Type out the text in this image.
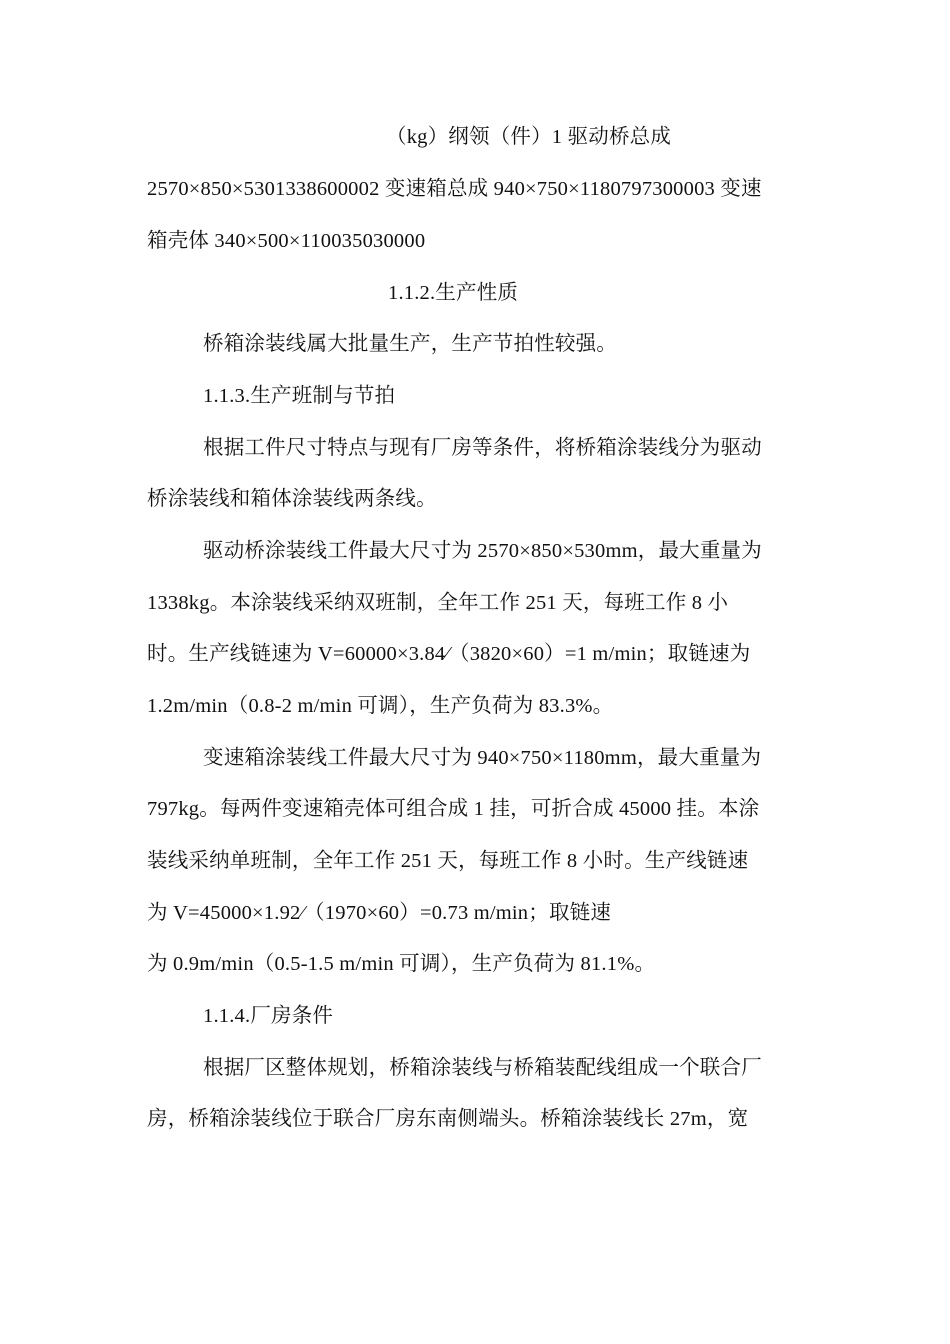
（kg）纲领（件）1 驱动桥总成
2570×850×5301338600002 变速箱总成 940×750×1180797300003 变速
箱壳体 340×500×110035030000
1.1.2.生产性质
桥箱涂装线属大批量生产，生产节拍性较强。
1.1.3.生产班制与节拍
根据工件尺寸特点与现有厂房等条件，将桥箱涂装线分为驱动
桥涂装线和箱体涂装线两条线。
驱动桥涂装线工件最大尺寸为 2570×850×530mm，最大重量为
1338kg。本涂装线采纳双班制，全年工作 251 天，每班工作 8 小
时。生产线链速为 V=60000×3.84⁄（3820×60）=1 m/min；取链速为
1.2m/min（0.8-2 m/min 可调），生产负荷为 83.3%。
变速箱涂装线工件最大尺寸为 940×750×1180mm，最大重量为
797kg。每两件变速箱壳体可组合成 1 挂，可折合成 45000 挂。本涂
装线采纳单班制，全年工作 251 天，每班工作 8 小时。生产线链速
为 V=45000×1.92⁄（1970×60）=0.73 m/min；取链速
为 0.9m/min（0.5-1.5 m/min 可调），生产负荷为 81.1%。
1.1.4.厂房条件
根据厂区整体规划，桥箱涂装线与桥箱装配线组成一个联合厂
房，桥箱涂装线位于联合厂房东南侧端头。桥箱涂装线长 27m，宽
